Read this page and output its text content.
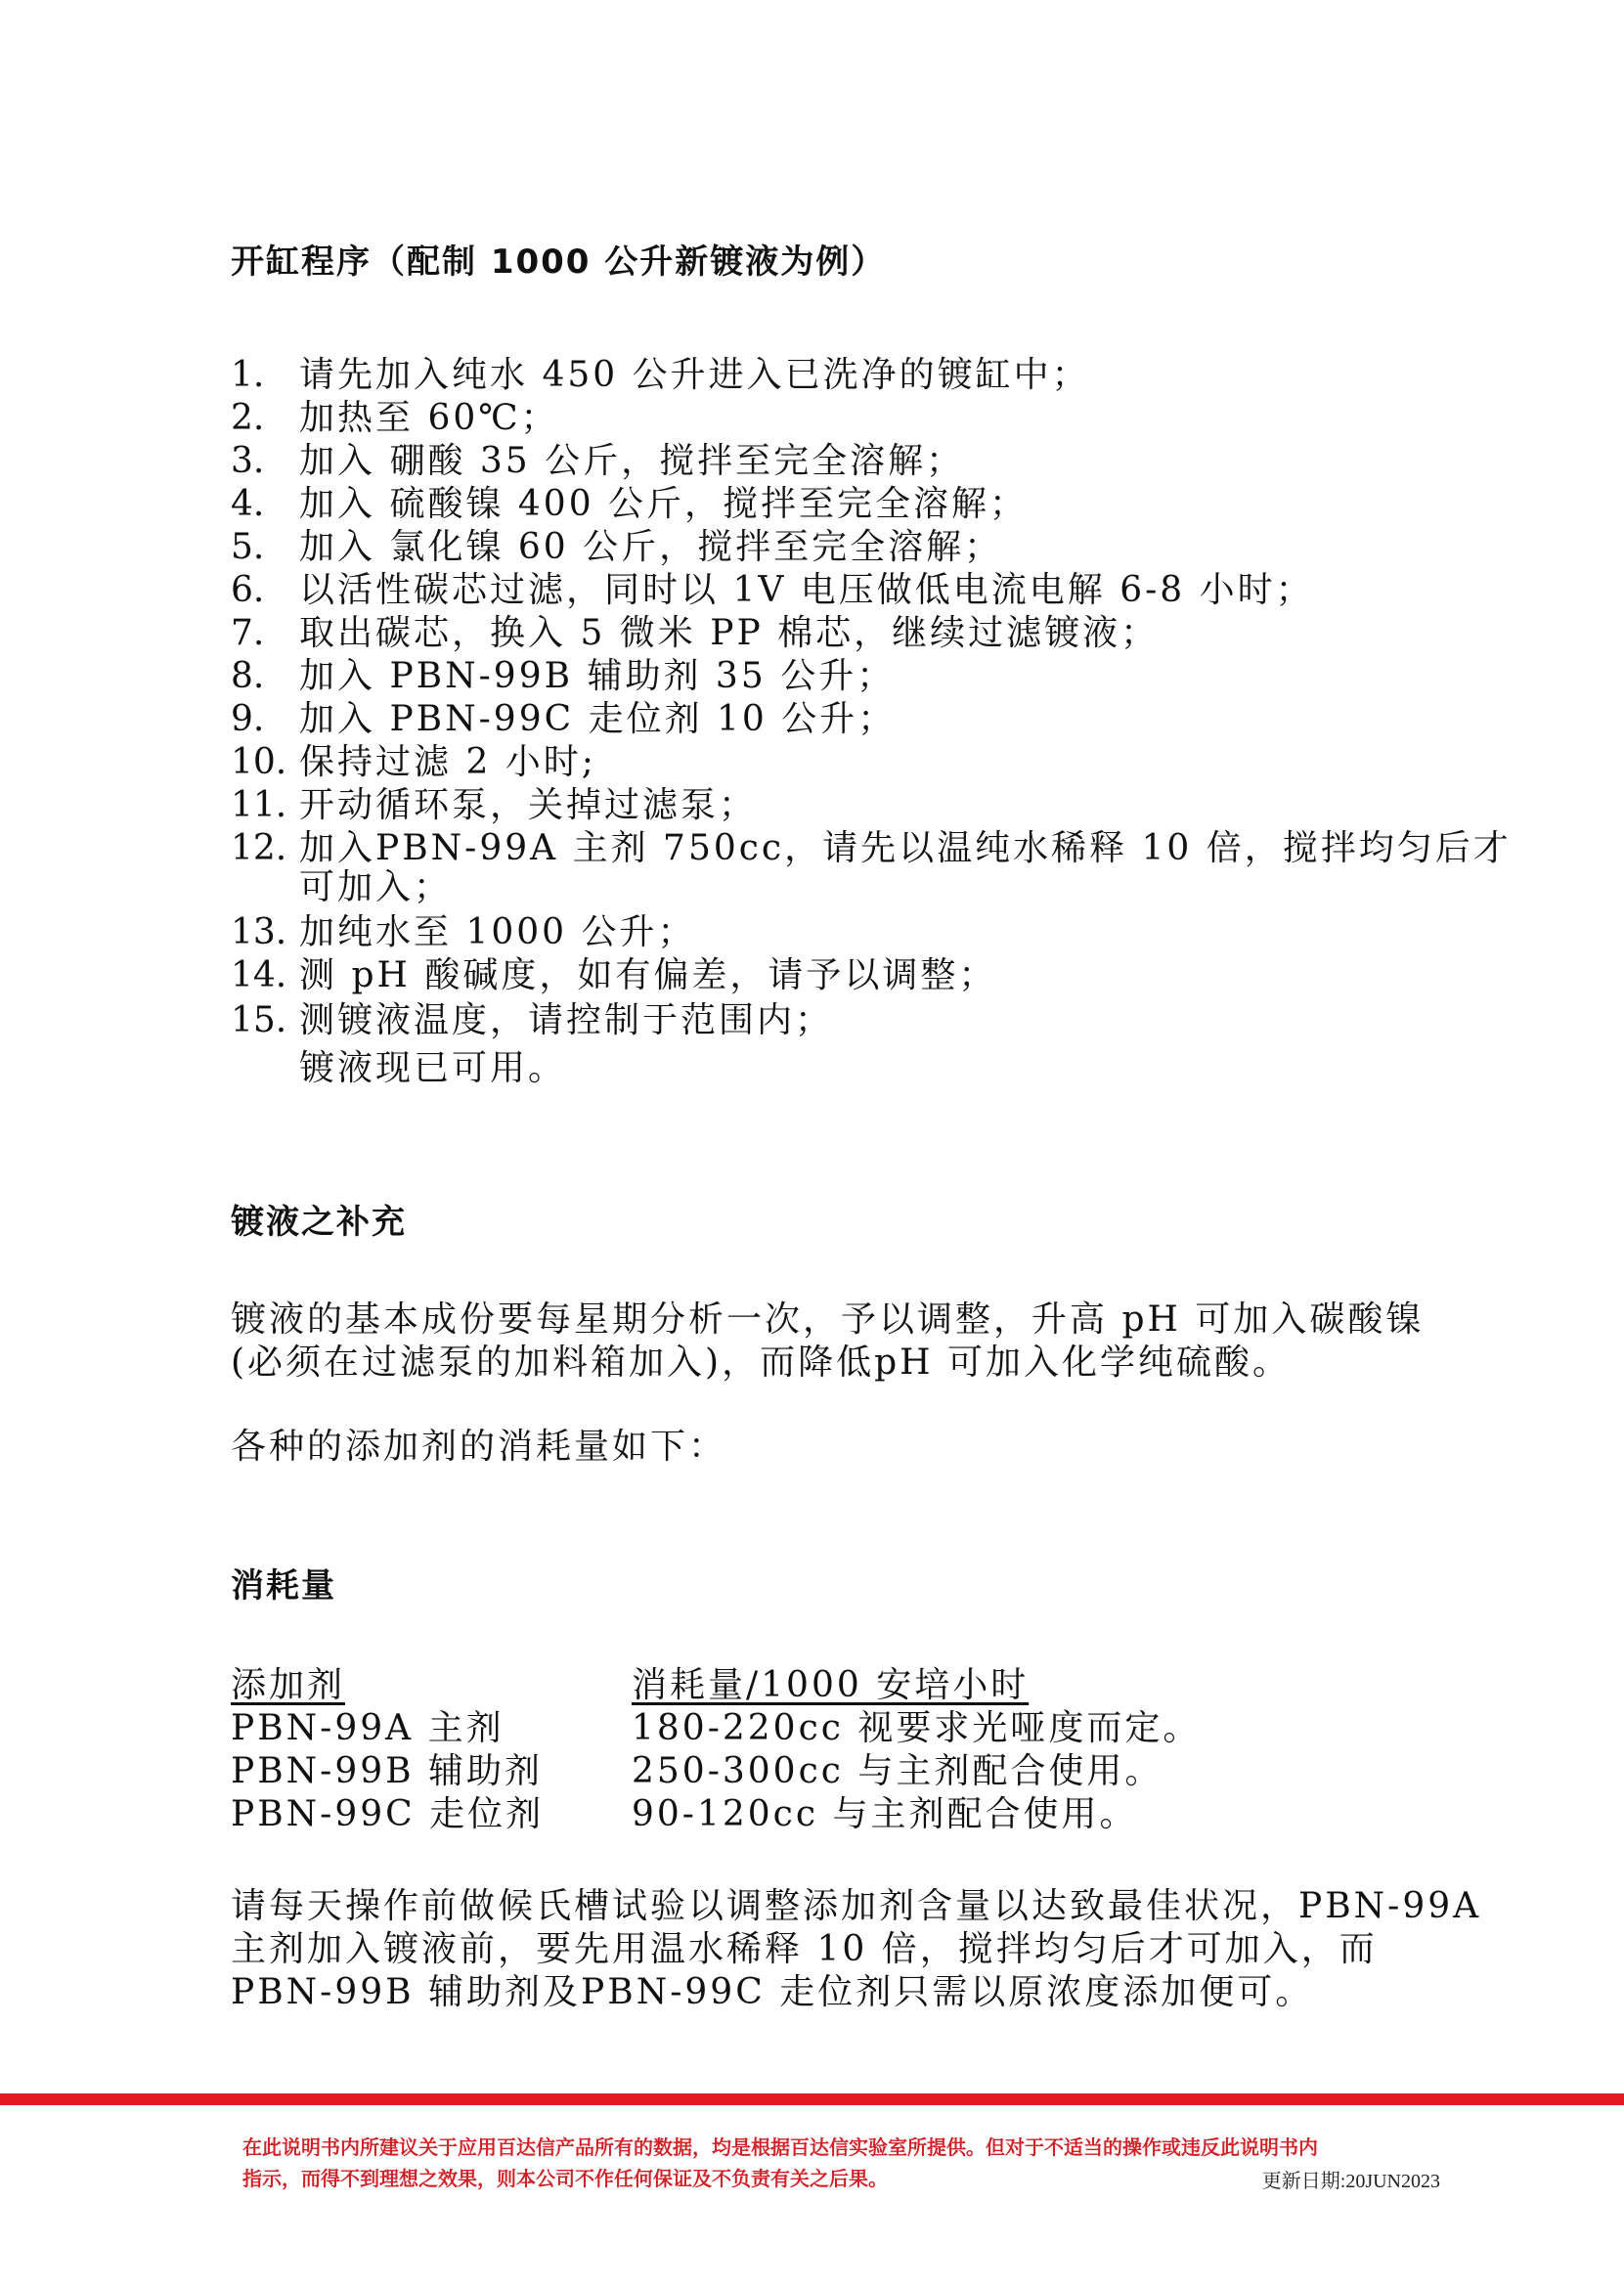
开缸程序（配制 1000 公升新镀液为例）
1. 请先加入纯水 450 公升进入已洗净的镀缸中；
2. 加热至 60℃；
3. 加入 硼酸 35 公斤，搅拌至完全溶解；
4. 加入 硫酸镍 400 公斤，搅拌至完全溶解；
5. 加入 氯化镍 60 公斤，搅拌至完全溶解；
6. 以活性碳芯过滤，同时以 1V 电压做低电流电解 6-8 小时；
7. 取出碳芯，换入 5 微米 PP 棉芯，继续过滤镀液；
8. 加入 PBN-99B 辅助剂 35 公升；
9. 加入 PBN-99C 走位剂 10 公升；
10. 保持过滤 2 小时;
11. 开动循环泵，关掉过滤泵；
12. 加入PBN-99A 主剂 750cc，请先以温纯水稀释 10 倍，搅拌均匀后才
可加入；
13. 加纯水至 1000 公升；
14. 测 pH 酸碱度，如有偏差，请予以调整；
15. 测镀液温度，请控制于范围内；
镀液现已可用。
镀液之补充
镀液的基本成份要每星期分析一次，予以调整，升高 pH 可加入碳酸镍
(必须在过滤泵的加料箱加入)，而降低pH 可加入化学纯硫酸。
各种的添加剂的消耗量如下：
消耗量
添加剂	消耗量/1000 安培小时
PBN-99A 主剂	180-220cc 视要求光哑度而定。
PBN-99B 辅助剂	250-300cc 与主剂配合使用。
PBN-99C 走位剂 90-120cc 与主剂配合使用。
请每天操作前做候氏槽试验以调整添加剂含量以达致最佳状况，PBN-99A
主剂加入镀液前，要先用温水稀释 10 倍，搅拌均匀后才可加入，而
PBN-99B 辅助剂及PBN-99C 走位剂只需以原浓度添加便可。
在此说明书内所建议关于应用百达信产品所有的数据，均是根据百达信实验室所提供。但对于不适当的操作或违反此说明书内
指示，而得不到理想之效果，则本公司不作任何保证及不负责有关之后果。	更新日期:20JUN2023
